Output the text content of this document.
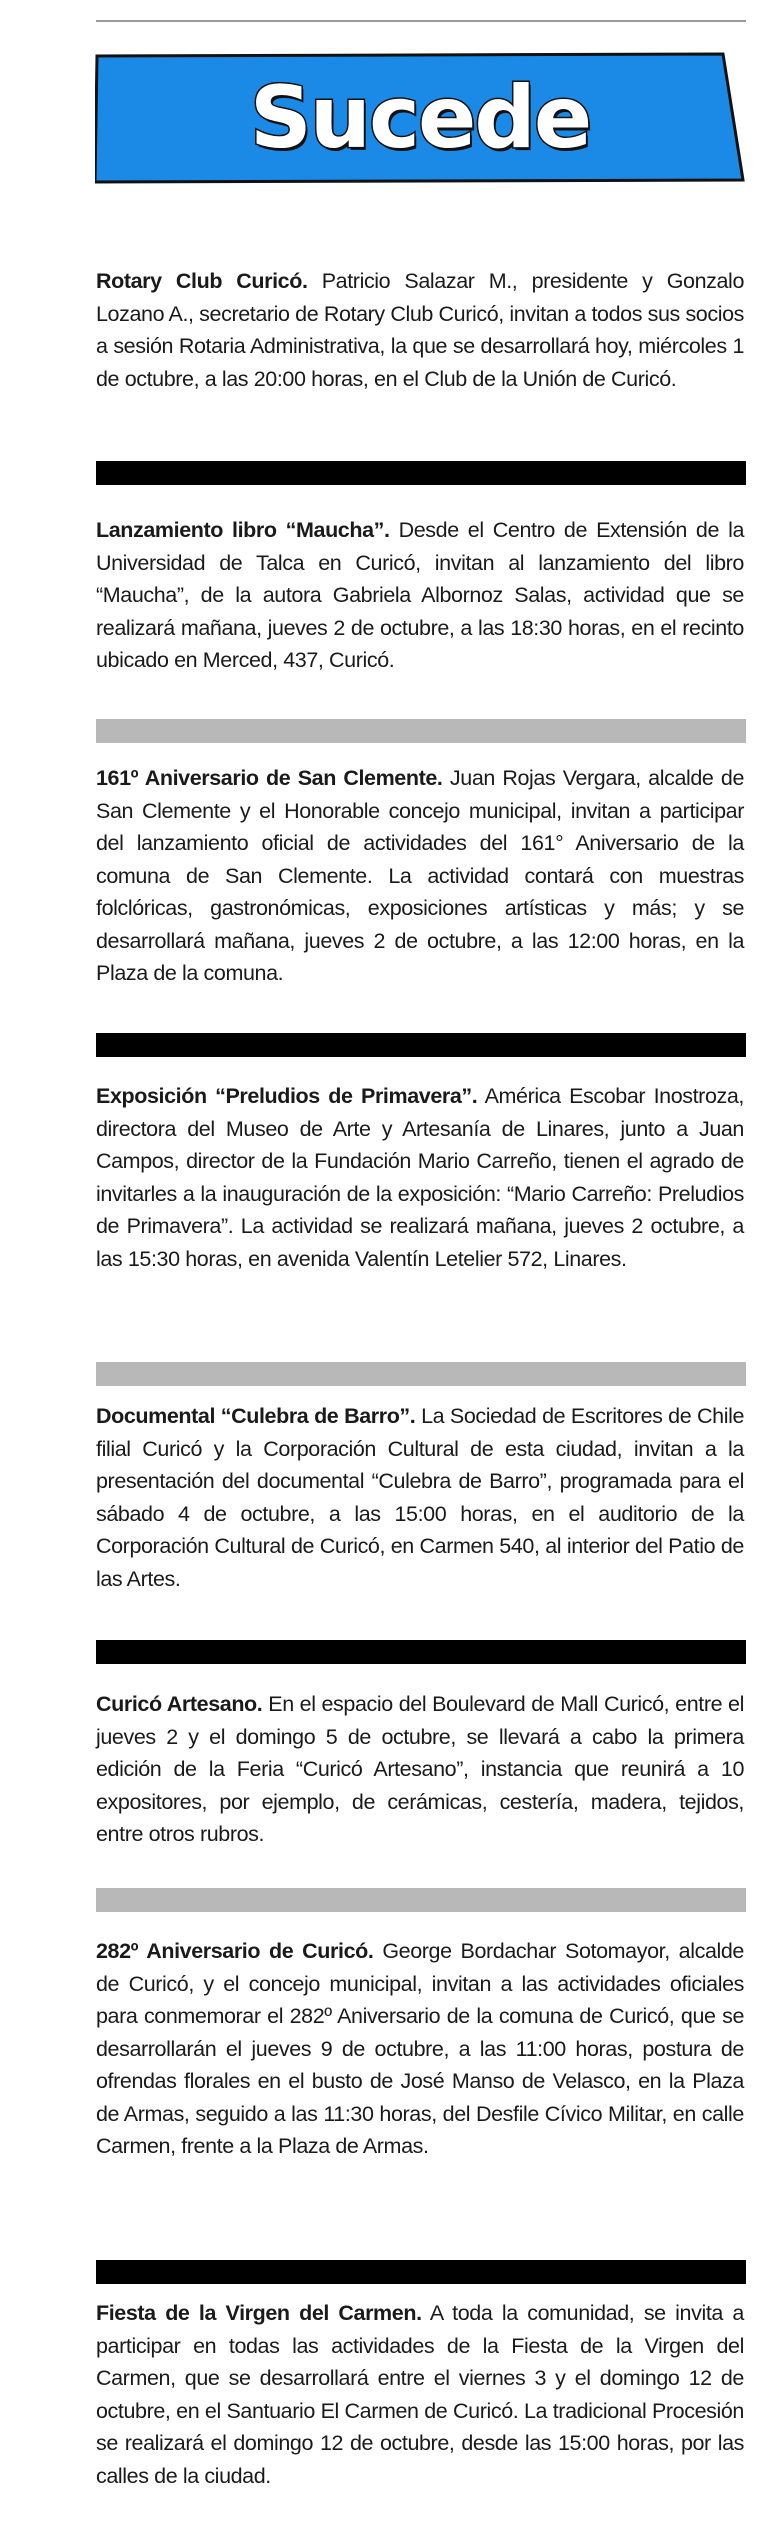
Sucede

Rotary Club Curicó. Patricio Salazar M., presidente y Gonzalo Lozano A., secretario de Rotary Club Curicó, invitan a todos sus socios a sesión Rotaria Administrativa, la que se desarrollará hoy, miércoles 1 de octubre, a las 20:00 horas, en el Club de la Unión de Curicó.

Lanzamiento libro “Maucha”. Desde el Centro de Extensión de la Universidad de Talca en Curicó, invitan al lanzamiento del libro “Maucha”, de la autora Gabriela Albornoz Salas, actividad que se realizará mañana, jueves 2 de octubre, a las 18:30 horas, en el recinto ubicado en Merced, 437, Curicó.

161º Aniversario de San Clemente. Juan Rojas Vergara, alcalde de San Clemente y el Honorable concejo municipal, invitan a participar del lanzamiento oficial de actividades del 161° Aniversario de la comuna de San Clemente. La actividad contará con muestras folclóricas, gastronómicas, exposiciones artísticas y más; y se desarrollará mañana, jueves 2 de octubre, a las 12:00 horas, en la Plaza de la comuna.

Exposición “Preludios de Primavera”. América Escobar Inostroza, directora del Museo de Arte y Artesanía de Linares, junto a Juan Campos, director de la Fundación Mario Carreño, tienen el agrado de invitarles a la inauguración de la exposición: “Mario Carreño: Preludios de Primavera”. La actividad se realizará mañana, jueves 2 octubre, a las 15:30 horas, en avenida Valentín Letelier 572, Linares.

Documental “Culebra de Barro”. La Sociedad de Escritores de Chile filial Curicó y la Corporación Cultural de esta ciudad, invitan a la presentación del documental “Culebra de Barro”, programada para el sábado 4 de octubre, a las 15:00 horas, en el auditorio de la Corporación Cultural de Curicó, en Carmen 540, al interior del Patio de las Artes.

Curicó Artesano. En el espacio del Boulevard de Mall Curicó, entre el jueves 2 y el domingo 5 de octubre, se llevará a cabo la primera edición de la Feria “Curicó Artesano”, instancia que reunirá a 10 expositores, por ejemplo, de cerámicas, cestería, madera, tejidos, entre otros rubros.

282º Aniversario de Curicó. George Bordachar Sotomayor, alcalde de Curicó, y el concejo municipal, invitan a las actividades oficiales para conmemorar el 282º Aniversario de la comuna de Curicó, que se desarrollarán el jueves 9 de octubre, a las 11:00 horas, postura de ofrendas florales en el busto de José Manso de Velasco, en la Plaza de Armas, seguido a las 11:30 horas, del Desfile Cívico Militar, en calle Carmen, frente a la Plaza de Armas.

Fiesta de la Virgen del Carmen. A toda la comunidad, se invita a participar en todas las actividades de la Fiesta de la Virgen del Carmen, que se desarrollará entre el viernes 3 y el domingo 12 de octubre, en el Santuario El Carmen de Curicó. La tradicional Procesión se realizará el domingo 12 de octubre, desde las 15:00 horas, por las calles de la ciudad.
